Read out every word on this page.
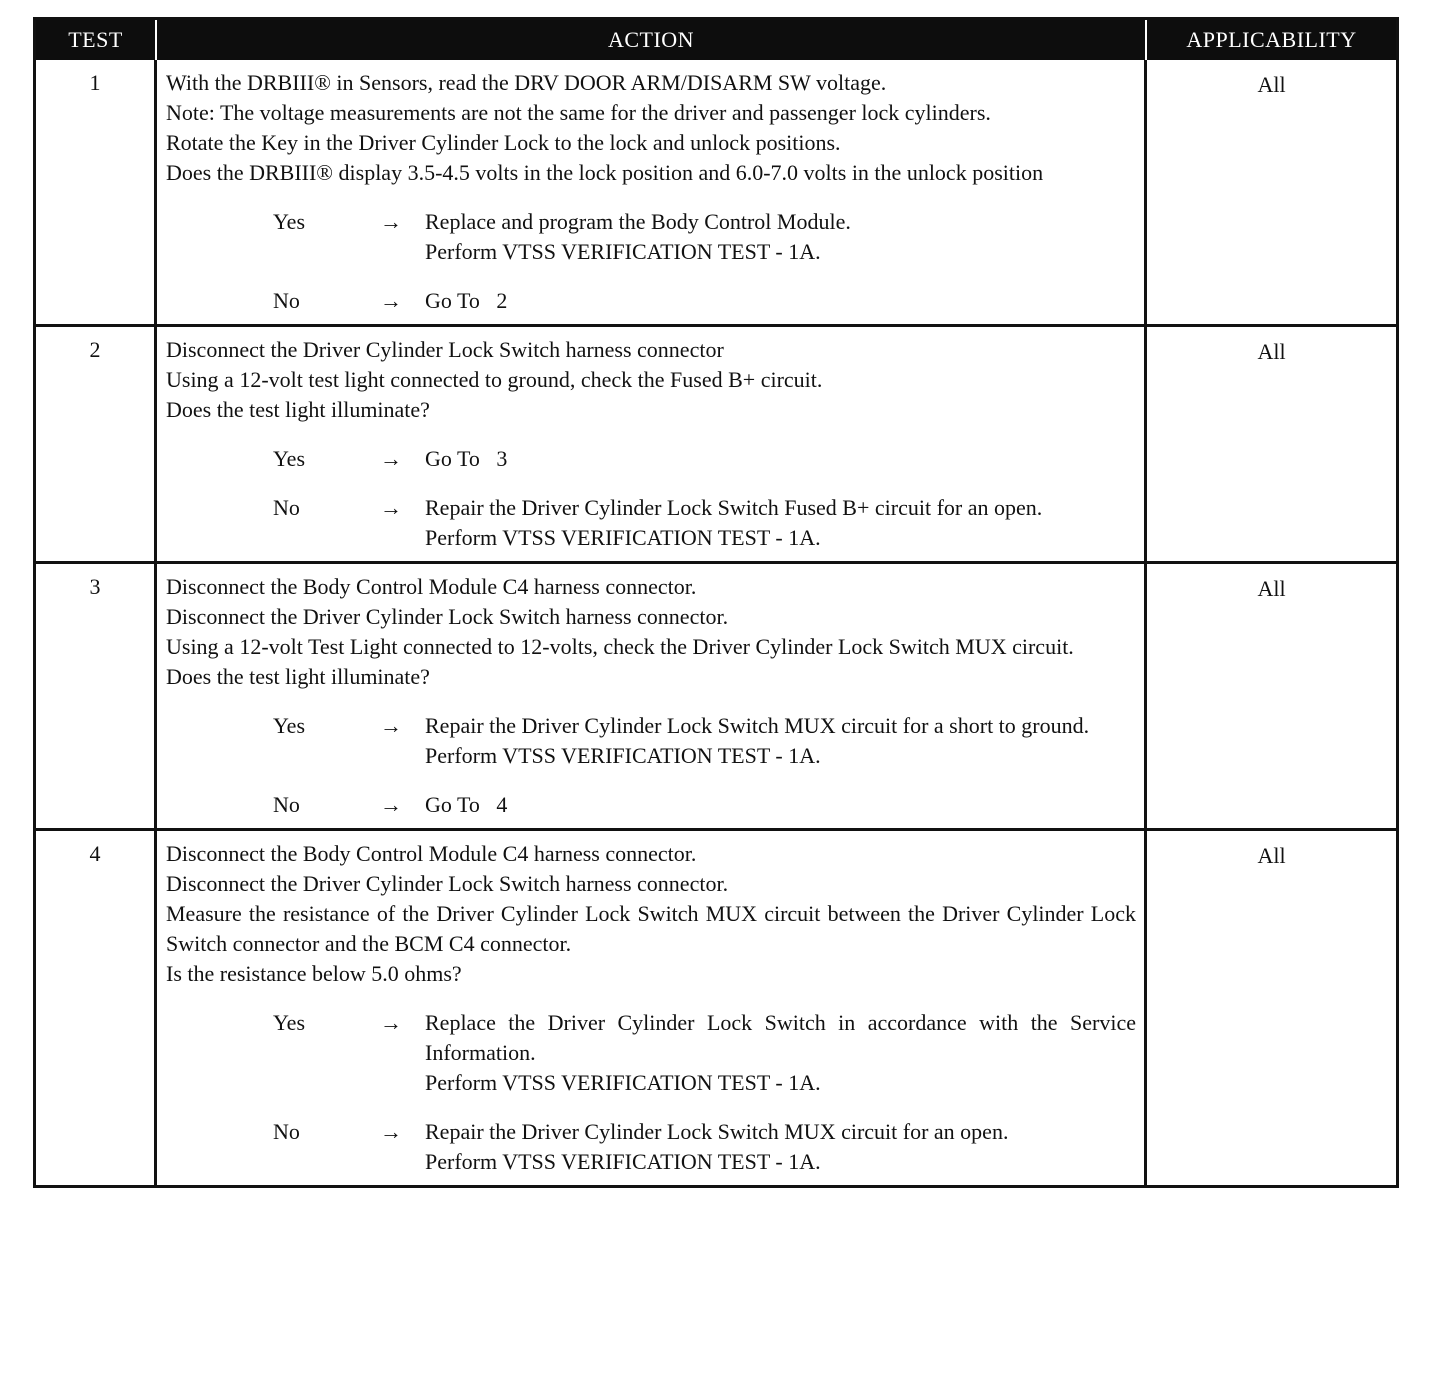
TEST	ACTION	APPLICABILITY
1	With the DRBIII® in Sensors, read the DRV DOOR ARM/DISARM SW voltage.
Note: The voltage measurements are not the same for the driver and passenger lock cylinders.
Rotate the Key in the Driver Cylinder Lock to the lock and unlock positions.
Does the DRBIII® display 3.5-4.5 volts in the lock position and 6.0-7.0 volts in the unlock position
Yes	→	Replace and program the Body Control Module.
Perform VTSS VERIFICATION TEST - 1A.
No	→	Go To   2
All
2	Disconnect the Driver Cylinder Lock Switch harness connector
Using a 12-volt test light connected to ground, check the Fused B+ circuit.
Does the test light illuminate?
Yes	→	Go To   3
No	→	Repair the Driver Cylinder Lock Switch Fused B+ circuit for an open.
Perform VTSS VERIFICATION TEST - 1A.
All
3	Disconnect the Body Control Module C4 harness connector.
Disconnect the Driver Cylinder Lock Switch harness connector.
Using a 12-volt Test Light connected to 12-volts, check the Driver Cylinder Lock Switch MUX circuit.
Does the test light illuminate?
Yes	→	Repair the Driver Cylinder Lock Switch MUX circuit for a short to ground.
Perform VTSS VERIFICATION TEST - 1A.
No	→	Go To   4
All
4	Disconnect the Body Control Module C4 harness connector.
Disconnect the Driver Cylinder Lock Switch harness connector.
Measure the resistance of the Driver Cylinder Lock Switch MUX circuit between the Driver Cylinder Lock Switch connector and the BCM C4 connector.
Is the resistance below 5.0 ohms?
Yes	→	Replace the Driver Cylinder Lock Switch in accordance with the Service Information.
Perform VTSS VERIFICATION TEST - 1A.
No	→	Repair the Driver Cylinder Lock Switch MUX circuit for an open.
Perform VTSS VERIFICATION TEST - 1A.
All
